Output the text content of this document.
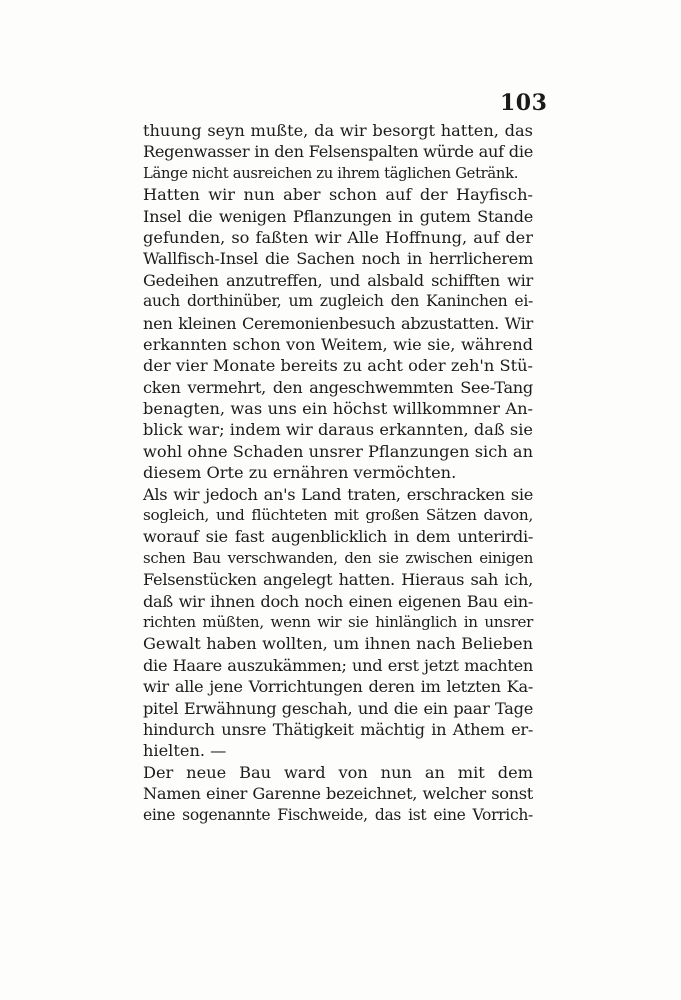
103
thuung seyn mußte, da wir besorgt hatten, das
Regenwasser in den Felsenspalten würde auf die
Länge nicht ausreichen zu ihrem täglichen Getränk.
Hatten wir nun aber schon auf der Hayfisch-
Insel die wenigen Pflanzungen in gutem Stande
gefunden, so faßten wir Alle Hoffnung, auf der
Wallfisch-Insel die Sachen noch in herrlicherem
Gedeihen anzutreffen, und alsbald schifften wir
auch dorthinüber, um zugleich den Kaninchen ei-
nen kleinen Ceremonienbesuch abzustatten. Wir
erkannten schon von Weitem, wie sie, während
der vier Monate bereits zu acht oder zeh'n Stü-
cken vermehrt, den angeschwemmten See-Tang
benagten, was uns ein höchst willkommner An-
blick war; indem wir daraus erkannten, daß sie
wohl ohne Schaden unsrer Pflanzungen sich an
diesem Orte zu ernähren vermöchten.
Als wir jedoch an's Land traten, erschracken sie
sogleich, und flüchteten mit großen Sätzen davon,
worauf sie fast augenblicklich in dem unterirdi-
schen Bau verschwanden, den sie zwischen einigen
Felsenstücken angelegt hatten. Hieraus sah ich,
daß wir ihnen doch noch einen eigenen Bau ein-
richten müßten, wenn wir sie hinlänglich in unsrer
Gewalt haben wollten, um ihnen nach Belieben
die Haare auszukämmen; und erst jetzt machten
wir alle jene Vorrichtungen deren im letzten Ka-
pitel Erwähnung geschah, und die ein paar Tage
hindurch unsre Thätigkeit mächtig in Athem er-
hielten. —
Der neue Bau ward von nun an mit dem
Namen einer Garenne bezeichnet, welcher sonst
eine sogenannte Fischweide, das ist eine Vorrich-
